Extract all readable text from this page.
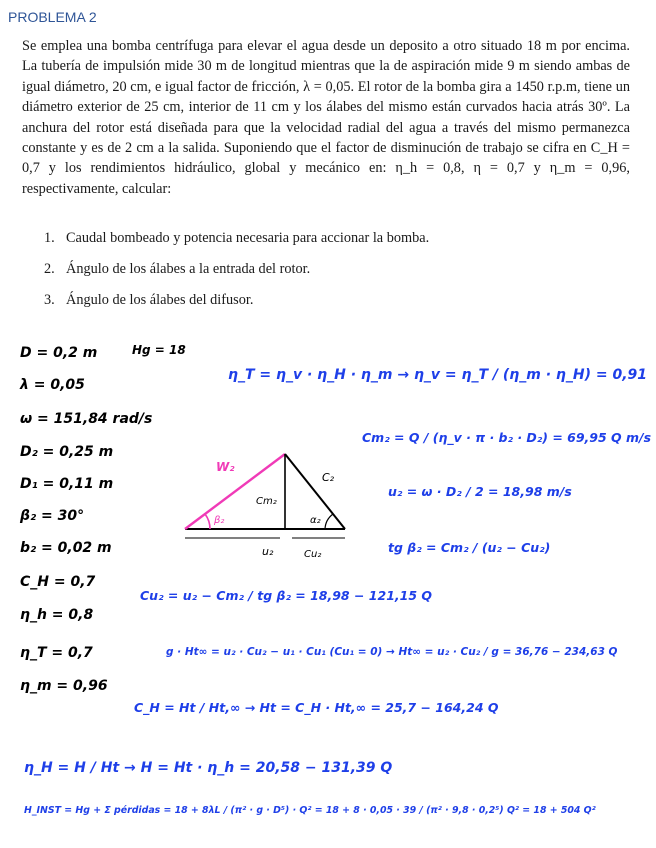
PROBLEMA 2

Se emplea una bomba centrífuga para elevar el agua desde un deposito a otro situado 18 m por encima. La tubería de impulsión mide 30 m de longitud mientras que la de aspiración mide 9 m siendo ambas de igual diámetro, 20 cm, e igual factor de fricción, λ = 0,05. El rotor de la bomba gira a 1450 r.p.m, tiene un diámetro exterior de 25 cm, interior de 11 cm y los álabes del mismo están curvados hacia atrás 30º. La anchura del rotor está diseñada para que la velocidad radial del agua a través del mismo permanezca constante y es de 2 cm a la salida. Suponiendo que el factor de disminución de trabajo se cifra en C_H = 0,7 y los rendimientos hidráulico, global y mecánico en: η_h = 0,8, η = 0,7 y η_m = 0,96, respectivamente, calcular:

1. Caudal bombeado y potencia necesaria para accionar la bomba.
2. Ángulo de los álabes a la entrada del rotor.
3. Ángulo de los álabes del difusor.
D = 0,2 m	Hg = 18
λ = 0,05
ω = 151,84 rad/s
D₂ = 0,25 m
D₁ = 0,11 m
β₂ = 30°
b₂ = 0,02 m
C_H = 0,7
η_h = 0,8
η_T = 0,7
η_m = 0,96
W₂
C₂
Cm₂
β₂	α₂
u₂	Cu₂
η_T = η_v · η_H · η_m → η_v = η_T / (η_m · η_H) = 0,91
Cm₂ = Q / (η_v · π · b₂ · D₂) = 69,95 Q m/s
u₂ = ω · D₂ / 2 = 18,98 m/s
tg β₂ = Cm₂ / (u₂ − Cu₂)
Cu₂ = u₂ − Cm₂ / tg β₂ = 18,98 − 121,15 Q
g · Ht∞ = u₂ · Cu₂ − u₁ · Cu₁ (Cu₁ = 0) → Ht∞ = u₂ · Cu₂ / g = 36,76 − 234,63 Q
C_H = Ht / Ht,∞ → Ht = C_H · Ht,∞ = 25,7 − 164,24 Q
η_H = H / Ht → H = Ht · η_h = 20,58 − 131,39 Q
H_INST = Hg + Σ pérdidas = 18 + 8λL / (π² · g · D⁵) · Q² = 18 + 8 · 0,05 · 39 / (π² · 9,8 · 0,2⁵) Q² = 18 + 504 Q²
